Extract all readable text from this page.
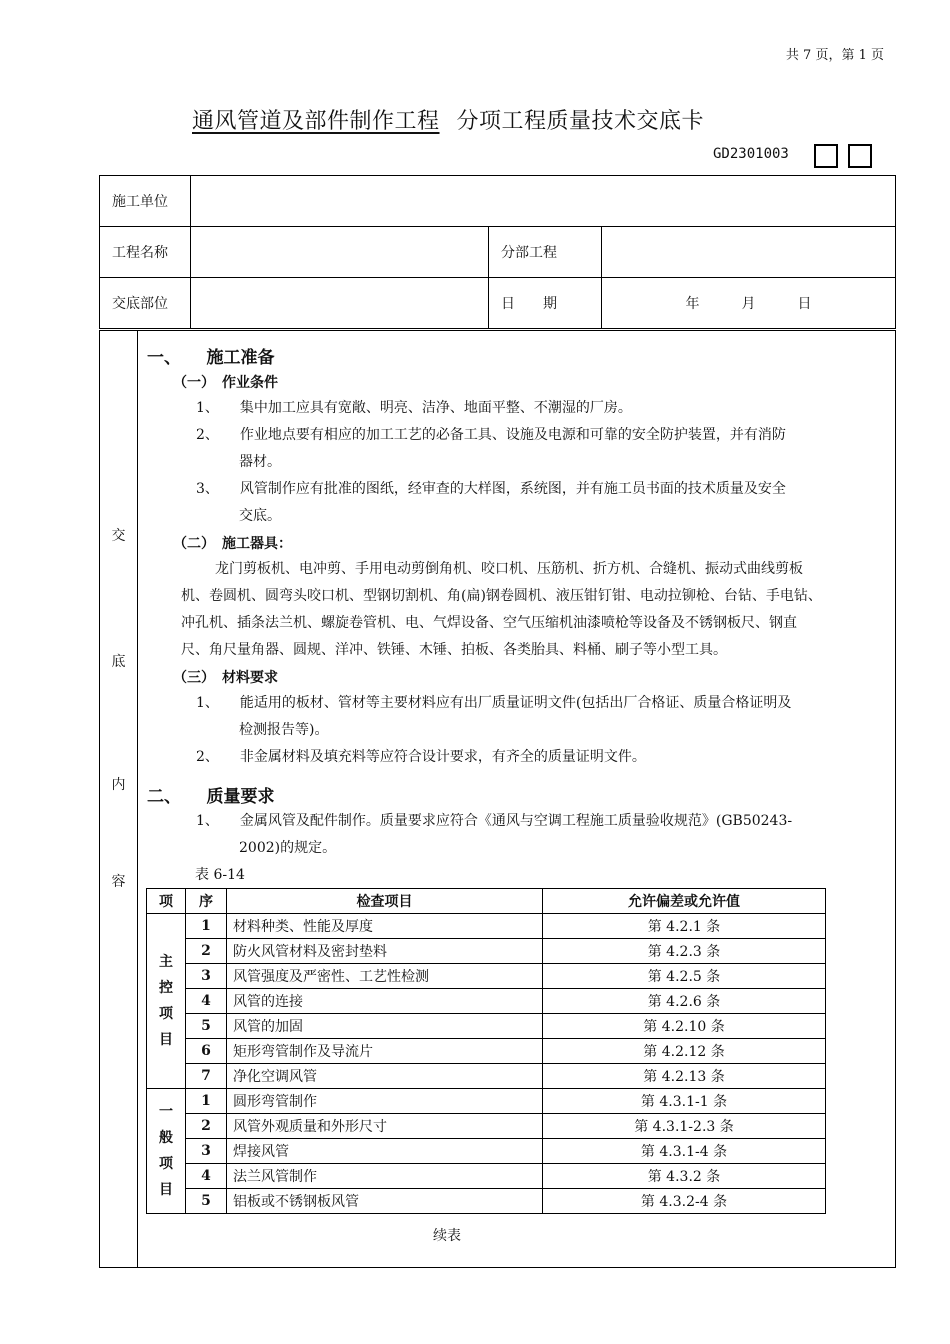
共 7 页，第 1 页
通风管道及部件制作工程 分项工程质量技术交底卡
GD2301003
施工单位			
工程名称		分部工程	
交底部位		日　　期	年　　　月　　　日
交
底
内
容
一、　　施工准备
（一）　作业条件
1、　　集中加工应具有宽敞、明亮、洁净、地面平整、不潮湿的厂房。
2、　　作业地点要有相应的加工工艺的必备工具、设施及电源和可靠的安全防护装置，并有消防
器材。
3、　　风管制作应有批准的图纸，经审查的大样图，系统图，并有施工员书面的技术质量及安全
交底。
（二）　施工器具：
龙门剪板机、电冲剪、手用电动剪倒角机、咬口机、压筋机、折方机、合缝机、振动式曲线剪板
机、卷圆机、圆弯头咬口机、型钢切割机、角(扁)钢卷圆机、液压钳钉钳、电动拉铆枪、台钻、手电钻、
冲孔机、插条法兰机、螺旋卷管机、电、气焊设备、空气压缩机油漆喷枪等设备及不锈钢板尺、钢直
尺、角尺量角器、圆规、洋冲、铁锤、木锤、拍板、各类胎具、料桶、刷子等小型工具。
（三）　材料要求
1、　　能适用的板材、管材等主要材料应有出厂质量证明文件(包括出厂合格证、质量合格证明及
检测报告等)。
2、　　非金属材料及填充料等应符合设计要求，有齐全的质量证明文件。
二、　　质量要求
1、　　金属风管及配件制作。质量要求应符合《通风与空调工程施工质量验收规范》(GB50243-
2002)的规定。
表 6-14
项	序	检查项目	允许偏差或允许值
主
控
项
目	1	材料种类、性能及厚度	第 4.2.1 条
	2	防火风管材料及密封垫料	第 4.2.3 条
	3	风管强度及严密性、工艺性检测	第 4.2.5 条
	4	风管的连接	第 4.2.6 条
	5	风管的加固	第 4.2.10 条
	6	矩形弯管制作及导流片	第 4.2.12 条
	7	净化空调风管	第 4.2.13 条
一
般
项
目	1	圆形弯管制作	第 4.3.1-1 条
	2	风管外观质量和外形尺寸	第 4.3.1-2.3 条
	3	焊接风管	第 4.3.1-4 条
	4	法兰风管制作	第 4.3.2 条
	5	铝板或不锈钢板风管	第 4.3.2-4 条
续表
